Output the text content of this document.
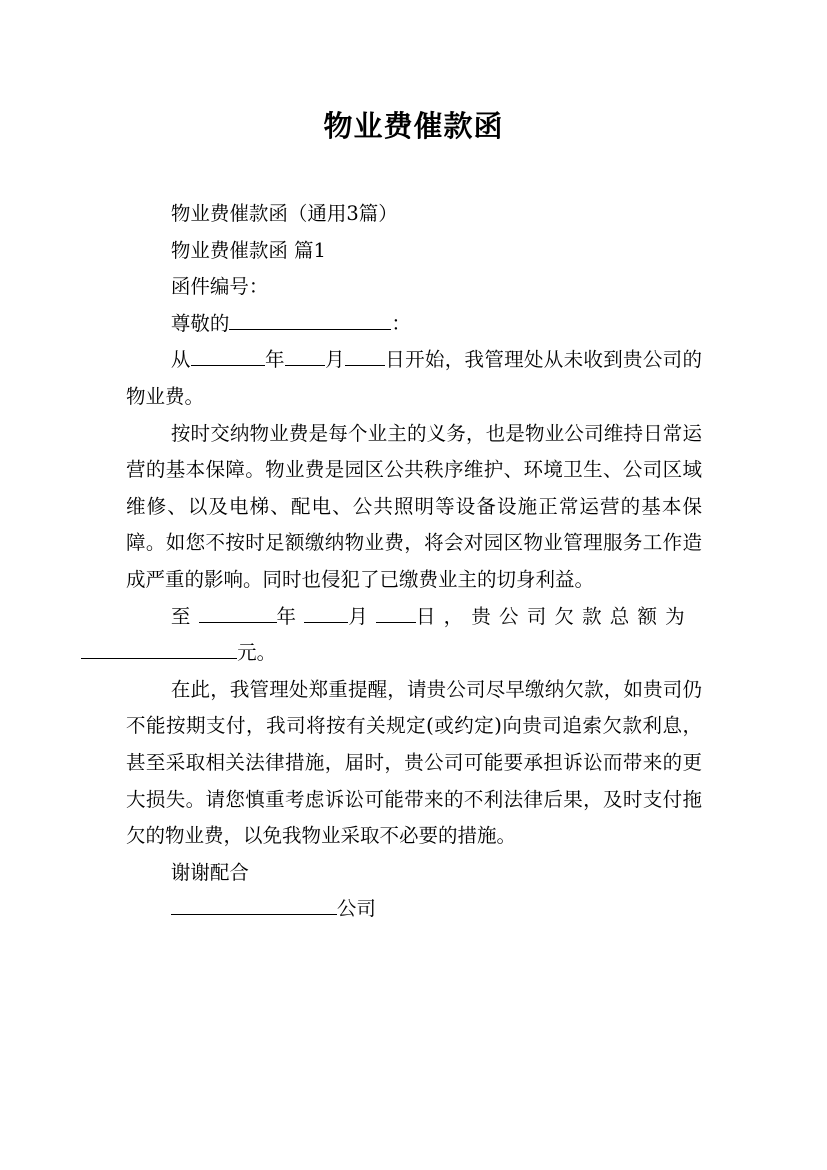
物业费催款函

物业费催款函（通用3篇）

物业费催款函 篇1

函件编号：

尊敬的	：

从	年 月 日开始，我管理处从未收到贵公司的物业费。

按时交纳物业费是每个业主的义务，也是物业公司维持日常运营的基本保障。物业费是园区公共秩序维护、环境卫生、公司区域维修、以及电梯、配电、公共照明等设备设施正常运营的基本保障。如您不按时足额缴纳物业费，将会对园区物业管理服务工作造成严重的影响。同时也侵犯了已缴费业主的切身利益。

至	年 月 日，贵公司欠款总额为
元。

在此，我管理处郑重提醒，请贵公司尽早缴纳欠款，如贵司仍不能按期支付，我司将按有关规定(或约定)向贵司追索欠款利息，甚至采取相关法律措施，届时，贵公司可能要承担诉讼而带来的更大损失。请您慎重考虑诉讼可能带来的不利法律后果，及时支付拖欠的物业费，以免我物业采取不必要的措施。

谢谢配合

公司
